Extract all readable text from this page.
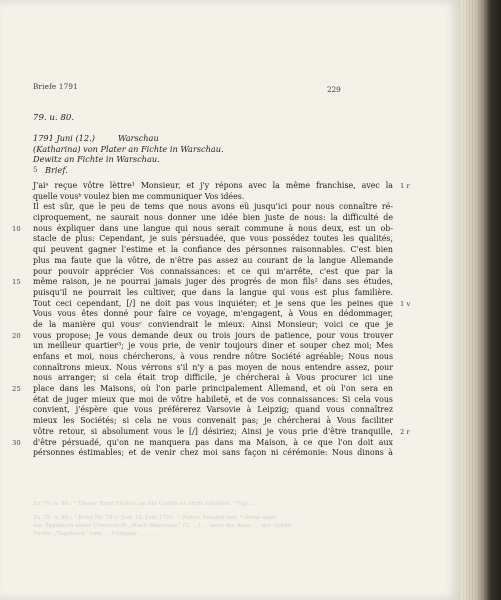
Briefe 1791	229
79. u. 80.
1791 Juni (12.)	Warschau
(Katharina) von Plater an Fichte in Warschau.
Dewitz an Fichte in Warschau.
5 Brief.
J'aiᵃ reçue vôtre lèttre¹ Monsieur, et j'y répons avec la même franchise, avec la 1 r
quelle vousᵇ voulez bien me communiquer Vos idées.
Il est sûr, que le peu de tems que nous avons eû jusqu'ici pour nous connaître ré-
ciproquement, ne saurait nous donner une idée bien juste de nous: la difficulté de
10	nous éxpliquer dans une langue qui nous serait commune à nous deux, est un ob-
stacle de plus: Cependant, je suis pérsuadée, que vous possédez toutes les qualités,
qui peuvent gagner l'estime et la confiance des pérsonnes raisonnables. C'est bien
plus ma faute que la vôtre, de n'être pas assez au courant de la langue Allemande
pour pouvoir apprécier Vos connaissances: et ce qui m'arrête, c'est que par la
15	même raison, je ne pourrai jamais juger des progrés de mon fils² dans ses études,
puisqu'il ne pourrait les cultiver, que dans la langue qui vous est plus familière.
Tout ceci cependant, [/] ne doit pas vous inquiéter; et je sens que les peines que 1 v
Vous vous êtes donné pour faire ce voyage, m'engagent, à Vous en dédommager,
de la manière qui vousᶜ conviendrait le mieux: Ainsi Monsieur; voici ce que je
20	vous propose; Je vous demande deux ou trois jours de patience, pour vous trouver
un meilleur quartier³; je vous prie, de venir toujours diner et souper chez moi; Mes
enfans et moi, nous chércherons, à vous rendre nôtre Société agréable; Nous nous
connaîtrons mieux. Nous vérrons s'il n'y a pas moyen de nous entendre assez, pour
nous arranger; si cela était trop difficile, je chércherai à Vous procurer ici une
25	place dans les Maisons, où l'on parle principalement Allemand, et où l'on sera en
état de juger mieux que moi de vôtre habileté, et de vos connaissances: Si cela vous
convient, j'éspère que vous préférerez Varsovie à Leipzig; quand vous connaîtrez
mieux les Sociétés; si cela ne vous convenait pas; je chércherai à Vous faciliter
vôtre retour, si absolument vous le [/] désiriez; Ainsi je vous prie d'être tranquille, 2 r
30	d'être pérsuadé, qu'on ne manquera pas dans ma Maison, à ce que l'on doit aux
pérsonnes éstimables; et de venir chez moi sans façon ni cérémonie: Nous dinons à
Zu 79. u. 80.: ¹ Dieser Brief Fichtes an die Gräfin ist nicht erhalten. ² Vgl. ...
Zu 79. u. 80.: ¹ Brief Nr. 78 v. Juni 12. Juni 1791. ² Plater, Eduard von. ³ Siehe dazu
das Tagebuch unter Überschrift „Nach Warschau“ (S. ...) … auch die Anm. … der Gräfin
Fichte „Tagebuch“ vom ... Frühjahr ... … ...
